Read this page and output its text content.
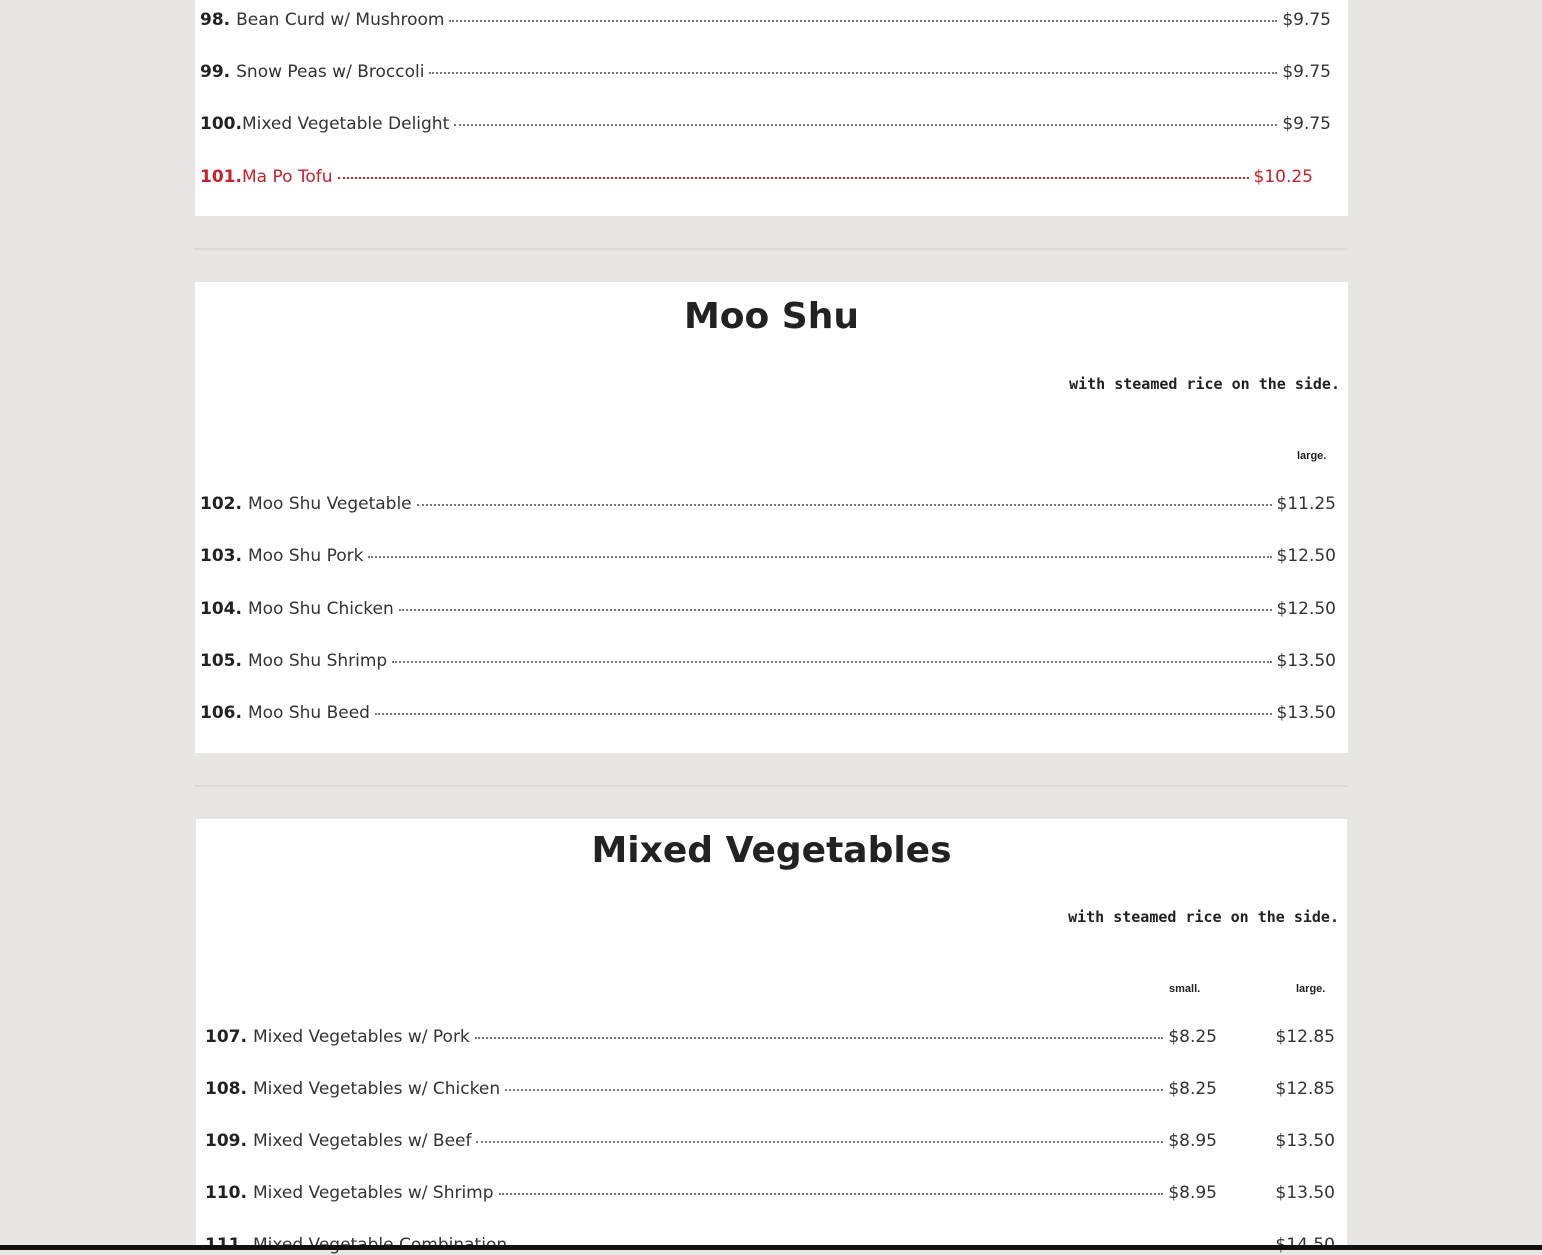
98. Bean Curd w/ Mushroom	$9.75
99. Snow Peas w/ Broccoli	$9.75
100. Mixed Vegetable Delight	$9.75
101. Ma Po Tofu	$10.25
Moo Shu
with steamed rice on the side.
large.
102. Moo Shu Vegetable	$11.25
103. Moo Shu Pork	$12.50
104. Moo Shu Chicken	$12.50
105. Moo Shu Shrimp	$13.50
106. Moo Shu Beed	$13.50
Mixed Vegetables
with steamed rice on the side.
small.	large.
107. Mixed Vegetables w/ Pork	$8.25	$12.85
108. Mixed Vegetables w/ Chicken	$8.25	$12.85
109. Mixed Vegetables w/ Beef	$8.95	$13.50
110. Mixed Vegetables w/ Shrimp	$8.95	$13.50
